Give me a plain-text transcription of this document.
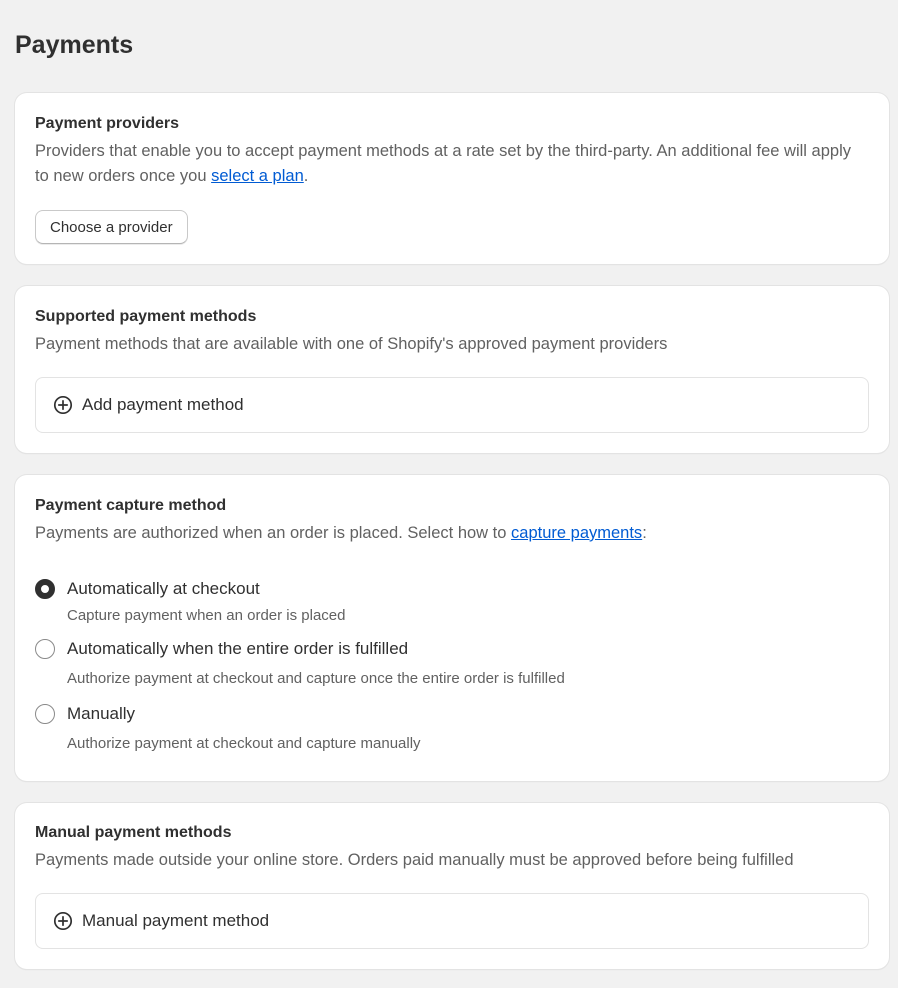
Payments
Payment providers

Providers that enable you to accept payment methods at a rate set by the third-party. An additional fee will apply to new orders once you select a plan.

Choose a provider
Supported payment methods

Payment methods that are available with one of Shopify's approved payment providers

Add payment method
Payment capture method

Payments are authorized when an order is placed. Select how to capture payments:

Automatically at checkout
Capture payment when an order is placed
Automatically when the entire order is fulfilled
Authorize payment at checkout and capture once the entire order is fulfilled
Manually
Authorize payment at checkout and capture manually
Manual payment methods

Payments made outside your online store. Orders paid manually must be approved before being fulfilled

Manual payment method
